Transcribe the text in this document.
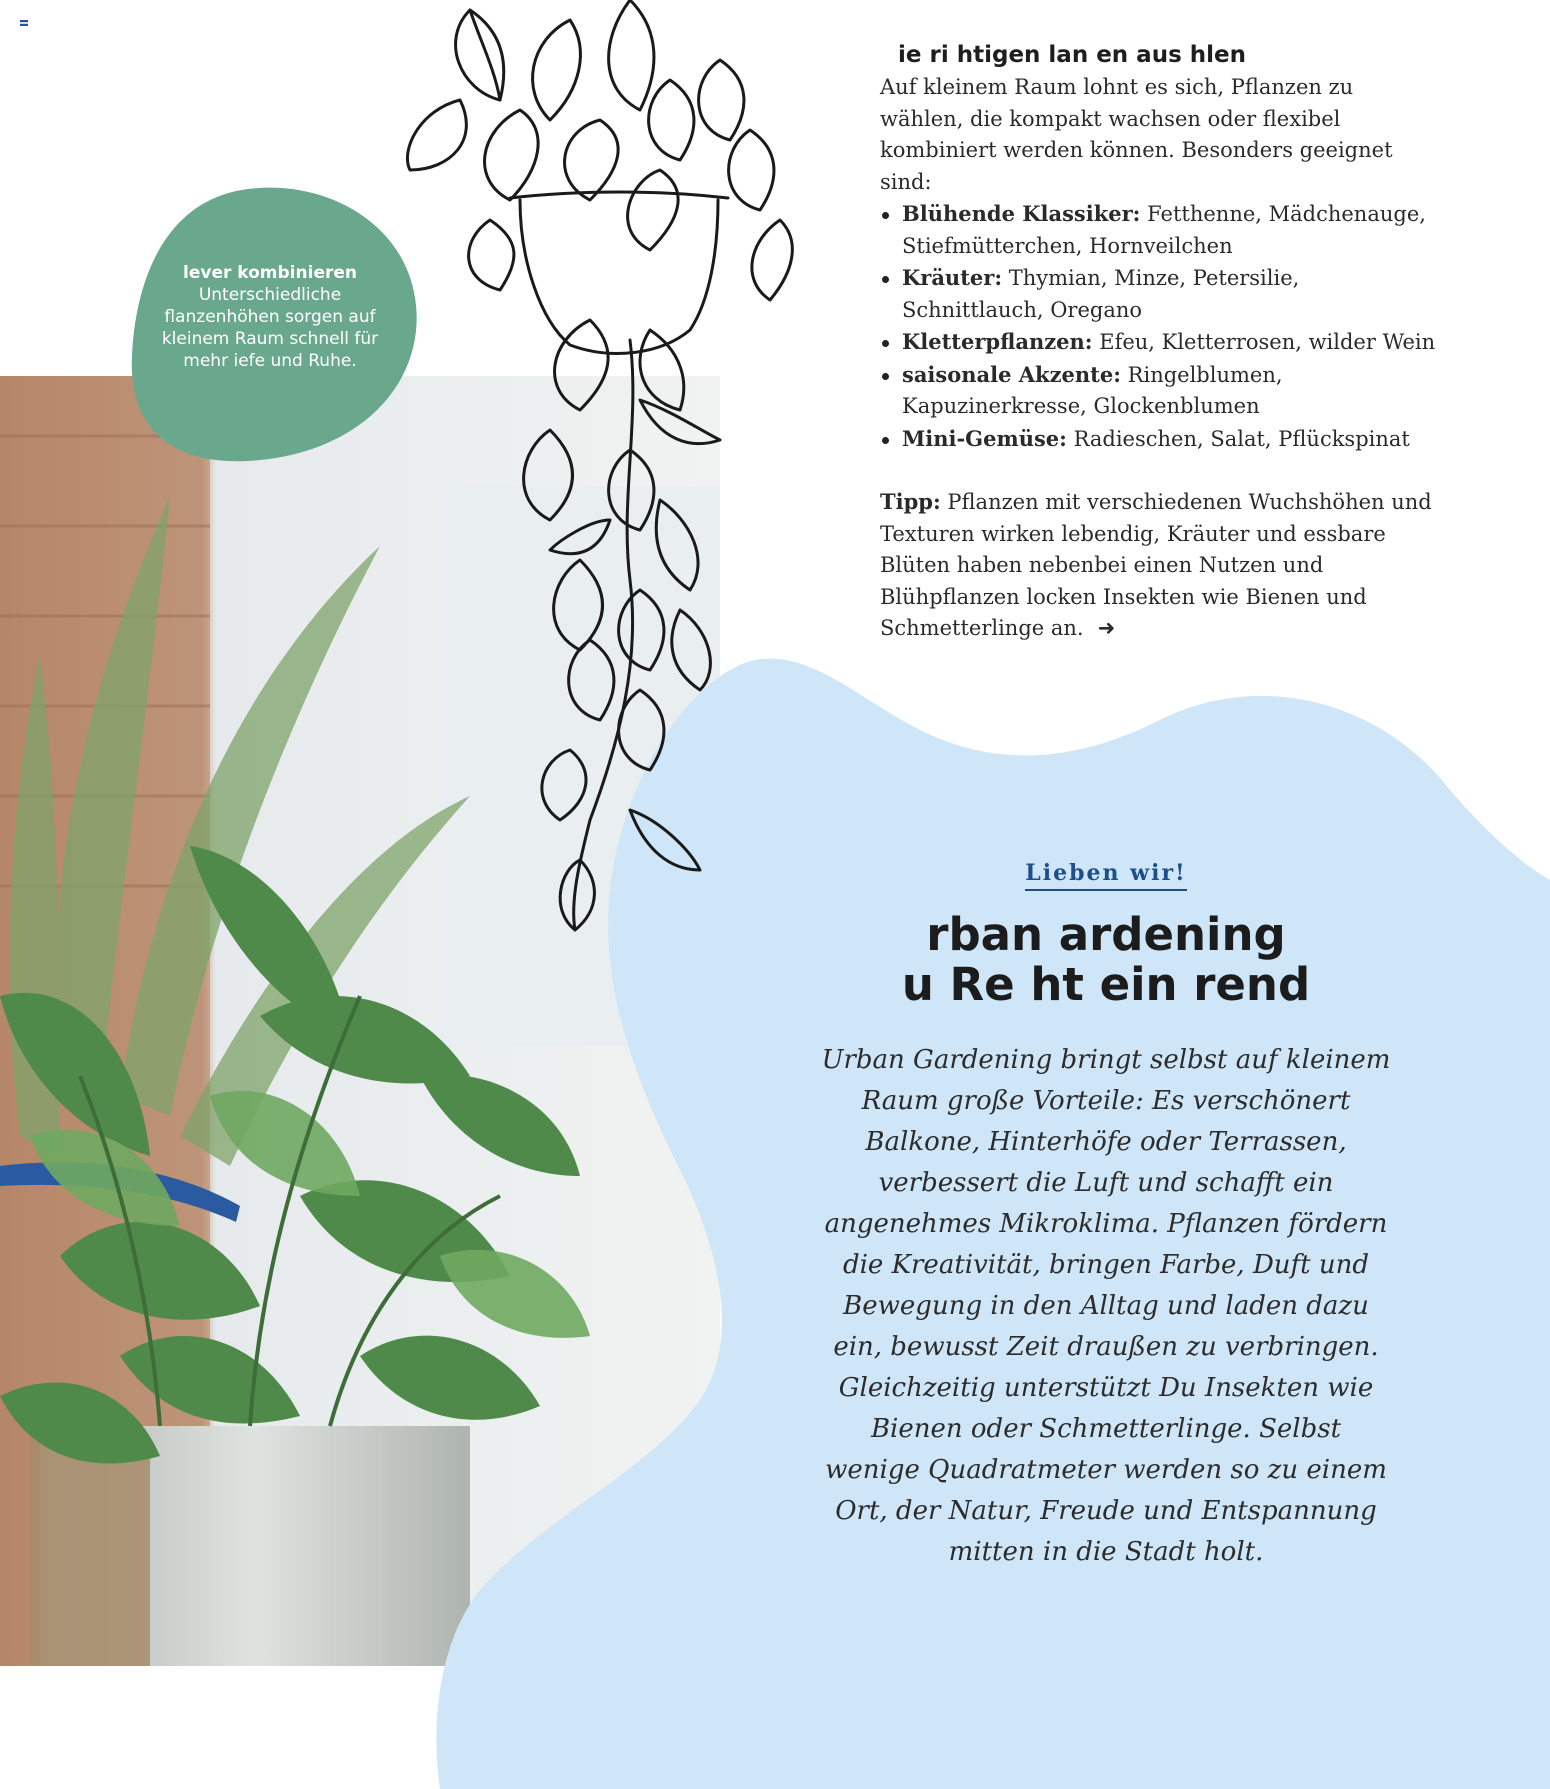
lever kombinieren
Unterschiedliche flanzenhöhen sorgen auf kleinem Raum schnell für mehr iefe und Ruhe.
ie ri htigen lan en aus hlen

Auf kleinem Raum lohnt es sich, Pflanzen zu wählen, die kompakt wachsen oder flexibel kombiniert werden können. Besonders geeignet sind:

Blühende Klassiker: Fetthenne, Mädchenauge, Stiefmütterchen, Hornveilchen
Kräuter: Thymian, Minze, Petersilie, Schnittlauch, Oregano
Kletterpflanzen: Efeu, Kletterrosen, wilder Wein
saisonale Akzente: Ringelblumen, Kapuzinerkresse, Glockenblumen
Mini-Gemüse: Radieschen, Salat, Pflückspinat

Tipp: Pflanzen mit verschiedenen Wuchshöhen und Texturen wirken lebendig, Kräuter und essbare Blüten haben nebenbei einen Nutzen und Blühpflanzen locken Insekten wie Bienen und Schmetterlinge an. ➜

Lieben wir!
rban ardening
u Re ht ein rend
Urban Gardening bringt selbst auf kleinem Raum große Vorteile: Es verschönert Balkone, Hinterhöfe oder Terrassen, verbessert die Luft und schafft ein angenehmes Mikroklima. Pflanzen fördern die Kreativität, bringen Farbe, Duft und Bewegung in den Alltag und laden dazu ein, bewusst Zeit draußen zu verbringen. Gleichzeitig unterstützt Du Insekten wie Bienen oder Schmetterlinge. Selbst wenige Quadratmeter werden so zu einem Ort, der Natur, Freude und Entspannung mitten in die Stadt holt.
